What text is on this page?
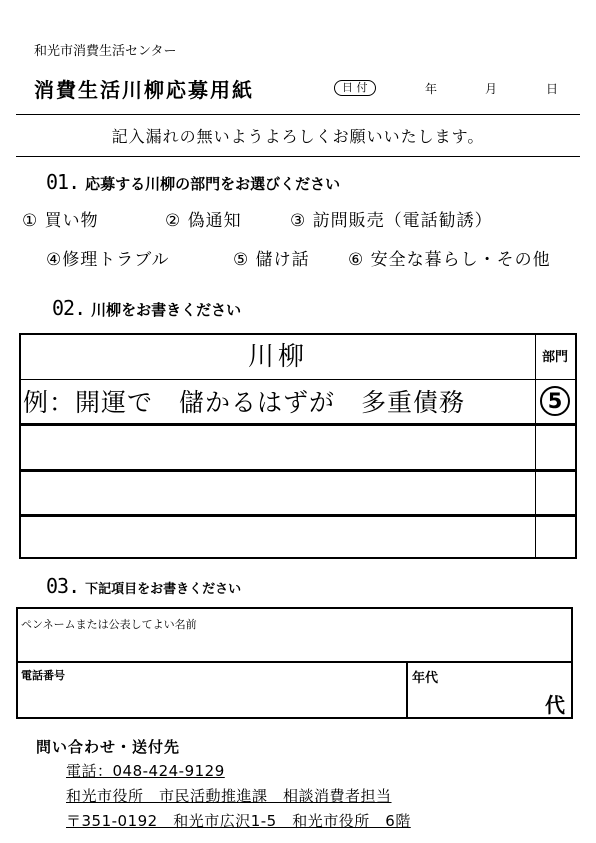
和光市消費生活センター
消費生活川柳応募用紙	日 付	年	月	日
記入漏れの無いようよろしくお願いいたします。
01. 応募する川柳の部門をお選びください
① 買い物	② 偽通知	③ 訪問販売（電話勧誘）
④修理トラブル	⑤ 儲け話 ⑥ 安全な暮らし・その他
02. 川柳をお書きください
川柳	部門
例：開運で　儲かるはずが　多重債務	5
03. 下記項目をお書きください
ペンネームまたは公表してよい名前
電話番号	年代
代
問い合わせ・送付先
電話：048-424-9129
和光市役所　市民活動推進課　相談消費者担当
〒351-0192　和光市広沢1-5　和光市役所　6階
